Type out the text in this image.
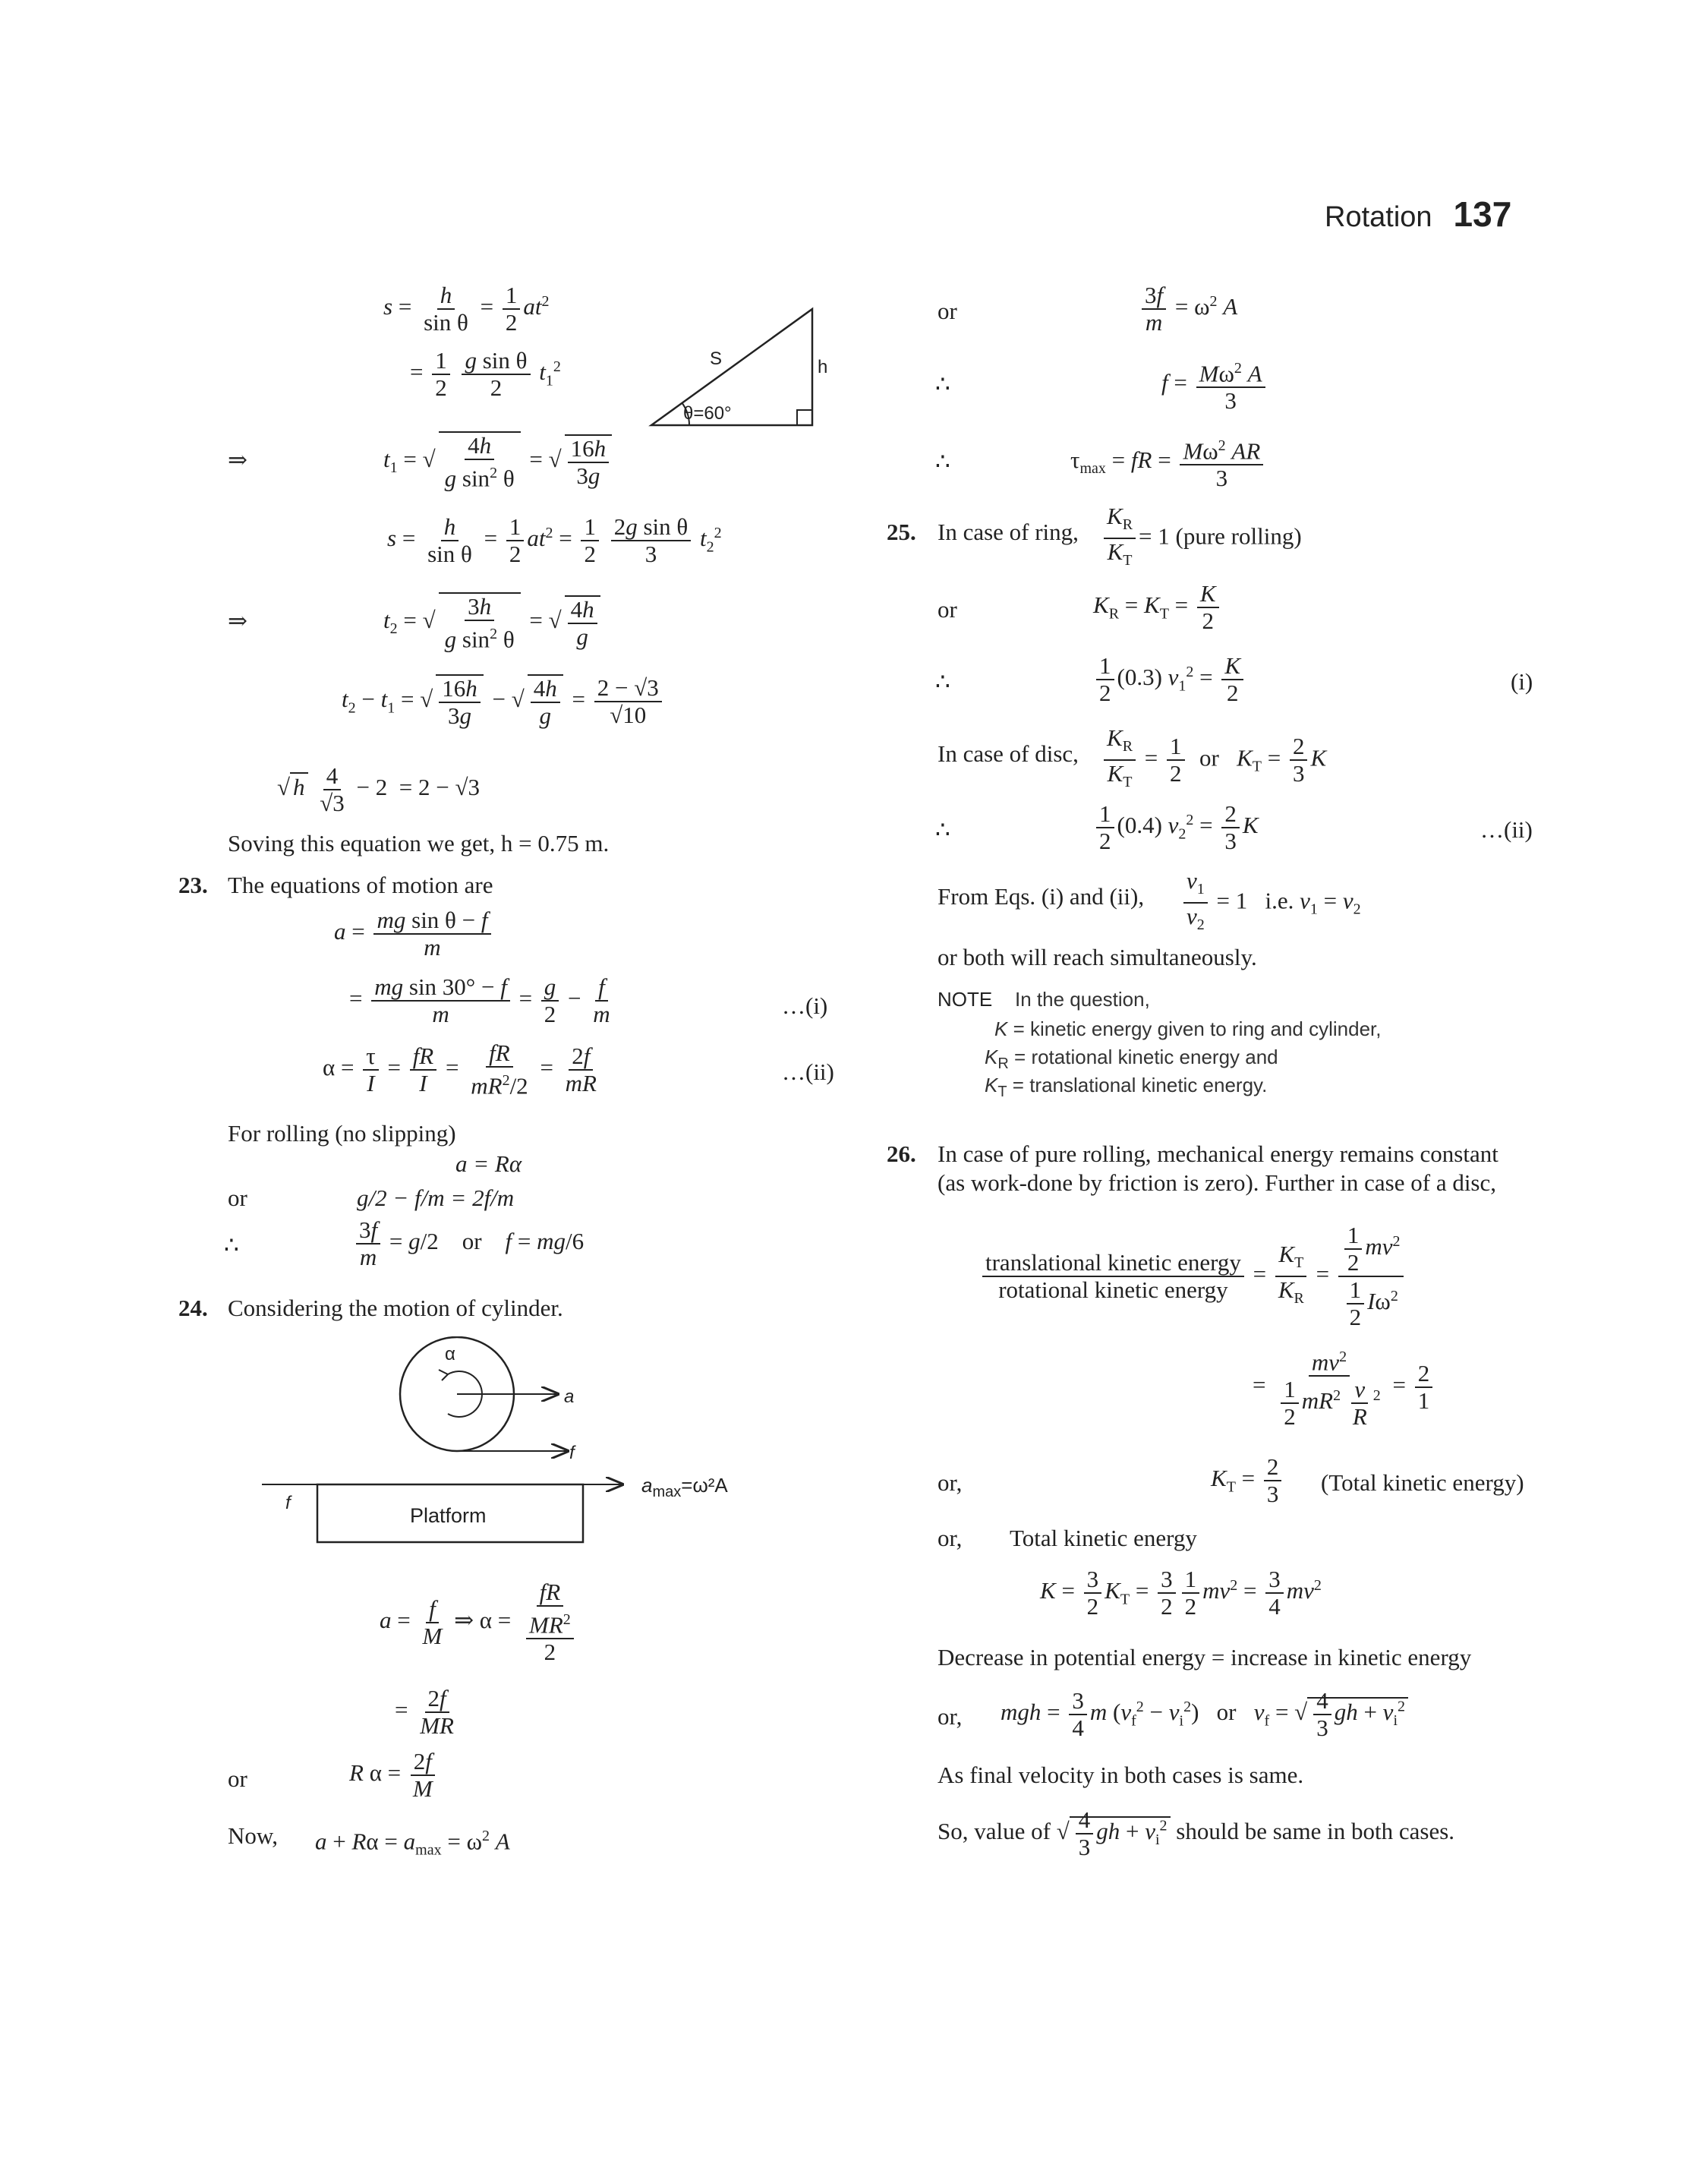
Rotation 137
$s = \frac{h}{\text{sin θ}} = \frac{1}{2} at^2$
= $\frac{1}{2}$
$\frac{\text{g sin θ}}{2} t_1^2$	S	h
θ=60°
⇒	$t_1$ = √ $\frac{4h}{g \sin^2 \theta}$ = √ $\frac{16h}{3g}$
$s = \frac{h}{\text{sin θ}} = \frac{1}{2} at^2 = \frac{1}{2}$
$\frac{\text{2g sin θ}}{3} t_2^2$
⇒	$t_2$ = √ $\frac{3h}{g \sin^2 \theta}$ = √ $\frac{4h}{g}$
$t_2 - t_1$ = √ $\frac{16h}{3g}$ − √ $\frac{4h}{g} = \frac{2 - √3}{√10}$
√ h $\frac{4}{√3} - 2 = 2 - √3$
Soving this equation we get, h = 0.75 m.
23. The equations of motion are
$a = \frac{\text{mg sin θ − f}}{m}$
= $\frac{\text{mg sin 30° − f}}{m} = \frac{g}{2} - \frac{f}{m}$	…(i)
$\alpha = \frac{\tau}{I} = \frac{fR}{I} = \frac{fR}{mR^2/2} = \frac{2f}{mR}$	…(ii)
For rolling (no slipping)
a = Rα
or	g/2 − f/m = 2f/m
∴	$\frac{3f}{m} = g/2$    or    f = mg/6
24. Considering the motion of cylinder.
α
a
f
f
$a_{max}=\omega^2A$
Platform
$a = \frac{f}{M}$ ⇒ $\alpha = \frac{fR}{\frac{MR^2}{2}}$
= $\frac{2f}{MR}$
or	R $\alpha = \frac{2f}{M}$
Now, $a + R\alpha = a_{max} = \omega^2$ A
or	$\frac{3f}{m} = \omega^2$ A
∴	$f = \frac{M\omega^2 A}{3}$
∴	$\tau_{max}$ = fR = $\frac{M\omega^2 AR}{3}$
25. In case of ring, $\frac{K_R}{K_T} = 1$ (pure rolling)
or	$K_R = K_T = \frac{K}{2}$
∴	$\frac{1}{2} (0.3) v_1^2 = \frac{K}{2}$	(i)
In case of disc, $\frac{K_R}{K_T} = \frac{1}{2}$ or $K_T = \frac{2}{3}$ K
∴	$\frac{1}{2} (0.4) v_2^2 = \frac{2}{3}$ K	…(ii)
From Eqs. (i) and (ii), $\frac{v_1}{v_2} = 1$   i.e. $v_1 = v_2$
or both will reach simultaneously.
NOTE In the question,
K = kinetic energy given to ring and cylinder,
$K_R$ = rotational kinetic energy and
$K_T$ = translational kinetic energy.
26. In case of pure rolling, mechanical energy remains constant
(as work-done by friction is zero). Further in case of a disc,
$\frac{\text{translational kinetic energy}}{\text{rotational kinetic energy}} = \frac{K_T}{K_R} = \frac{\frac{1}{2} mv^2}{\frac{1}{2} I\omega^2}$
= $\frac{mv^2}{\frac{1}{2} mR^2 \frac{v}{R} ^2} = \frac{2}{1}$
or,	$K_T = \frac{2}{3}$ (Total kinetic energy)
or, Total kinetic energy
$K = \frac{3}{2} K_T = \frac{3}{2} \frac{1}{2} mv^2 = \frac{3}{4} mv^2$
Decrease in potential energy = increase in kinetic energy
or, mgh = $\frac{3}{4}$ m $(v_f^2 - v_i^2)$   or $v_f$ = √ $\frac{4}{3}$ gh + $v_i^2$
As final velocity in both cases is same.
So, value of √ $\frac{4}{3}$ gh + $v_i^2$ should be same in both cases.
